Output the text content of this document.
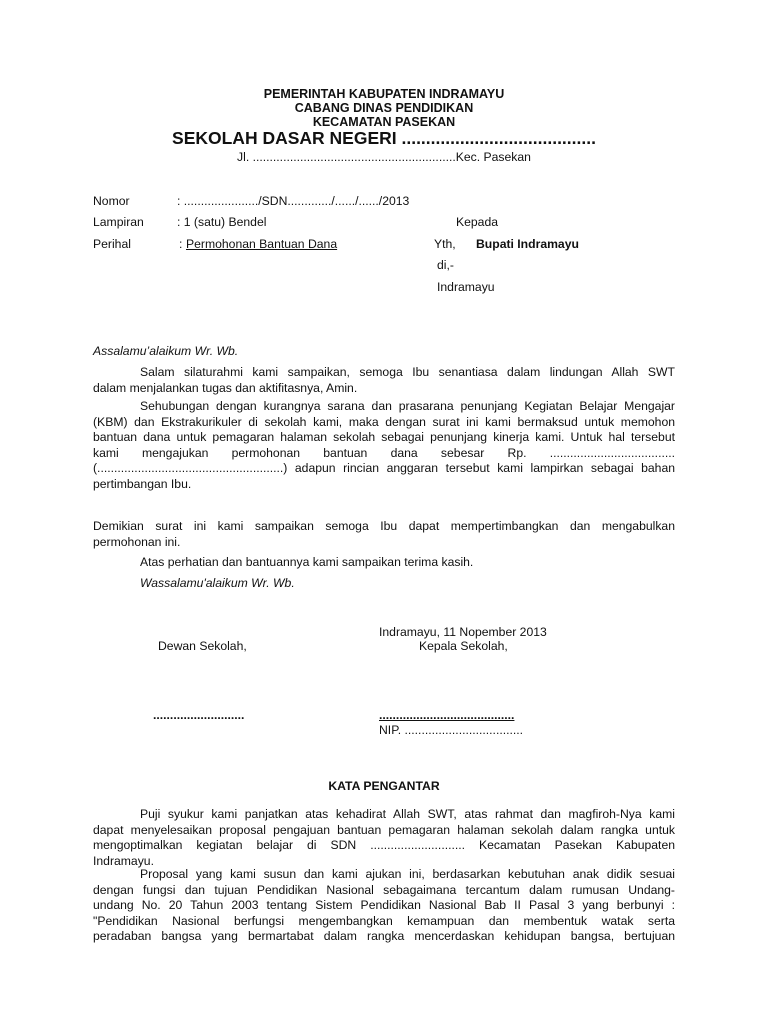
PEMERINTAH KABUPATEN INDRAMAYU
CABANG DINAS PENDIDIKAN
KECAMATAN PASEKAN
SEKOLAH DASAR NEGERI ........................................
Jl. ............................................................Kec. Pasekan
Nomor	: ....................../SDN............./....../....../2013
Lampiran	: 1 (satu) Bendel
Perihal	: Permohonan Bantuan Dana
Kepada
Yth, Bupati Indramayu
di,-
Indramayu
Assalamu’alaikum Wr. Wb.
Salam silaturahmi kami sampaikan, semoga Ibu senantiasa dalam lindungan Allah SWT
dalam menjalankan tugas dan aktifitasnya, Amin.
Sehubungan dengan kurangnya sarana dan prasarana penunjang Kegiatan Belajar Mengajar
(KBM) dan Ekstrakurikuler di sekolah kami, maka dengan surat ini kami bermaksud untuk memohon
bantuan dana untuk pemagaran halaman sekolah sebagai penunjang kinerja kami. Untuk hal tersebut
kami mengajukan permohonan bantuan dana sebesar Rp. .....................................
(.......................................................) adapun rincian anggaran tersebut kami lampirkan sebagai bahan
pertimbangan Ibu.
Demikian surat ini kami sampaikan semoga Ibu dapat mempertimbangkan dan mengabulkan
permohonan ini.
Atas perhatian dan bantuannya kami sampaikan terima kasih.
Wassalamu'alaikum Wr. Wb.
Indramayu, 11 Nopember 2013
Dewan Sekolah,	Kepala Sekolah,
...........................	........................................
NIP. ...................................
KATA PENGANTAR
Puji syukur kami panjatkan atas kehadirat Allah SWT, atas rahmat dan magfiroh-Nya kami
dapat menyelesaikan proposal pengajuan bantuan pemagaran halaman sekolah dalam rangka untuk
mengoptimalkan kegiatan belajar di SDN ............................ Kecamatan Pasekan Kabupaten
Indramayu.
Proposal yang kami susun dan kami ajukan ini, berdasarkan kebutuhan anak didik sesuai
dengan fungsi dan tujuan Pendidikan Nasional sebagaimana tercantum dalam rumusan Undang-
undang No. 20 Tahun 2003 tentang Sistem Pendidikan Nasional Bab II Pasal 3 yang berbunyi :
"Pendidikan Nasional berfungsi mengembangkan kemampuan dan membentuk watak serta
peradaban bangsa yang bermartabat dalam rangka mencerdaskan kehidupan bangsa, bertujuan
